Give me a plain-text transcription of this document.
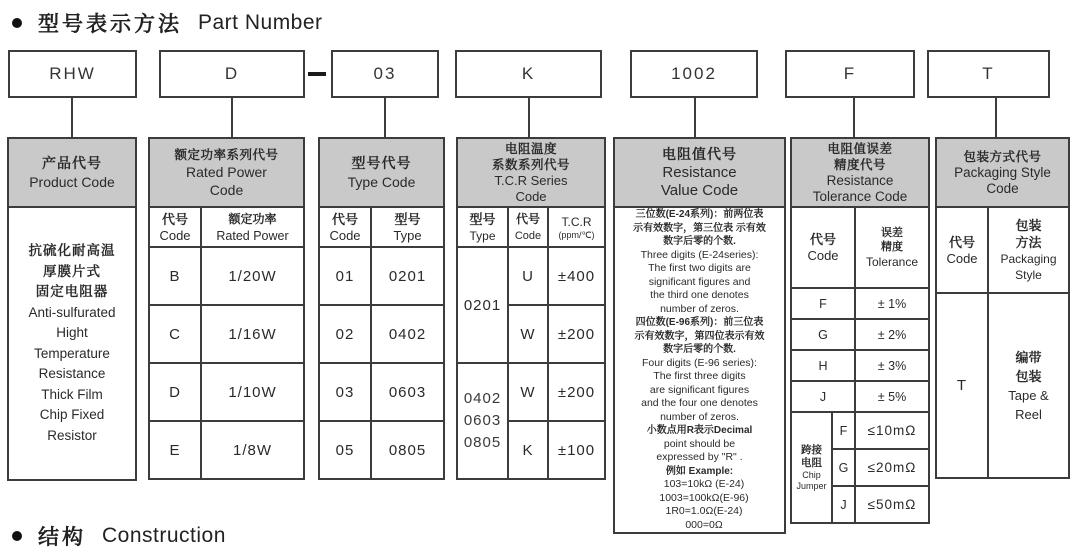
型号表示方法 Part Number
RHW	D	03	K	1002	F	T
产品代号
Product Code

抗硫化耐高温
厚膜片式
固定电阻器
Anti-sulfurated
Hight
Temperature
Resistance
Thick Film
Chip Fixed
Resistor
额定功率系列代号
Rated Power
Code	

代号
Code

额定功率
Rated Power

B	1/20W
C	1/16W
D	1/10W
E	1/8W
型号代号
Type Code	

代号
Code

型号
Type

01	0201
02	0402
03	0603
05	0805
电阻温度
系数系列代号
T.C.R Series
Code		

型号
Type

代号
Code

T.C.R
(ppm/℃)

0201	U	±400
	W	±200

0402
0603
0805	W	±200
	K	±100
电阻值代号
Resistance
Value Code

三位数(E-24系列)：前两位表
示有效数字，第三位表 示有效
数字后零的个数.
Three digits (E-24series):
The first two digits are
significant figures and
the third one denotes
number of zeros.
四位数(E-96系列)：前三位表
示有效数字，第四位表示有效
数字后零的个数.
Four digits (E-96 series):
The first three digits
are significant figures
and the four one denotes
number of zeros.
小数点用R表示Decimal
point should be
expressed by "R" .
例如 Example:
103=10kΩ (E-24)
1003=100kΩ(E-96)
1R0=1.0Ω(E-24)
000=0Ω
电阻值误差
精度代号
Resistance
Tolerance Code		

代号
Code

误差
精度
Tolerance

F		± 1%
G		± 2%
H		± 3%
J		± 5%

跨接
电阻
Chip
Jumper	F	≤10mΩ
	G	≤20mΩ
	J	≤50mΩ
包装方式代号
Packaging Style
Code	

代号
Code

包装
方法
Packaging
Style

T	编带
包装
Tape &
Reel
结构 Construction
